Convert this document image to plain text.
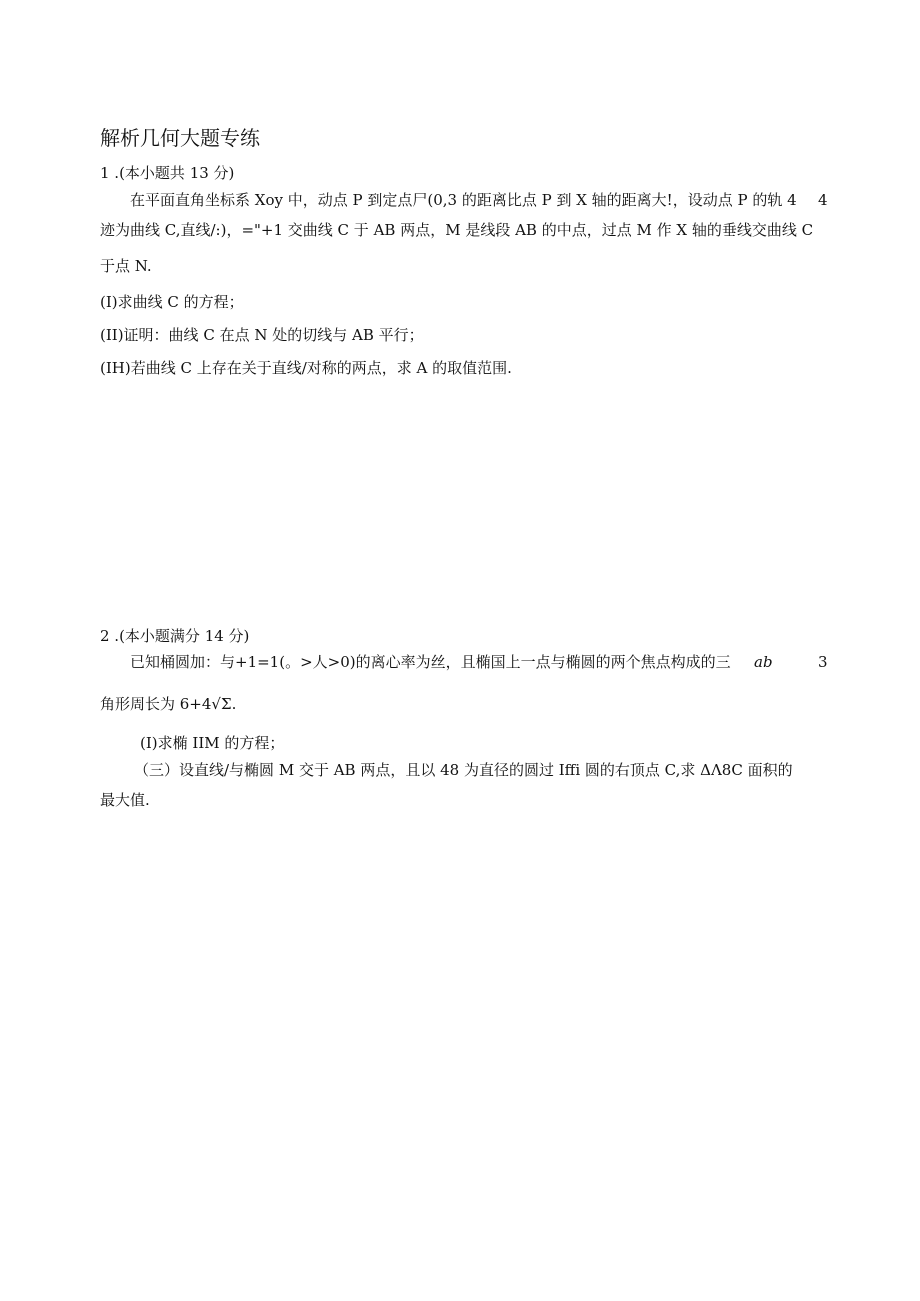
解析几何大题专练
1 .(本小题共 13 分)
在平面直角坐标系 Xoy 中，动点 P 到定点尸(0,3 的距离比点 P 到 X 轴的距离大!，设动点 P 的轨 4 4
迹为曲线 C,直线/:)，="+1 交曲线 C 于 AB 两点，M 是线段 AB 的中点，过点 M 作 X 轴的垂线交曲线 C
于点 N.
(I)求曲线 C 的方程；
(II)证明：曲线 C 在点 N 处的切线与 AB 平行；
(IH)若曲线 C 上存在关于直线/对称的两点，求 A 的取值范围.
2 .(本小题满分 14 分)
已知桶圆加：与+1=1(。>人>0)的离心率为丝，且椭国上一点与椭圆的两个焦点构成的三 ab	3
角形周长为 6+4√Σ.
(I)求椭 IIM 的方程；
（三）设直线/与椭圆 M 交于 AB 两点，且以 48 为直径的圆过 Iffi 圆的右顶点 C,求 ΔΛ8C 面积的
最大值.
